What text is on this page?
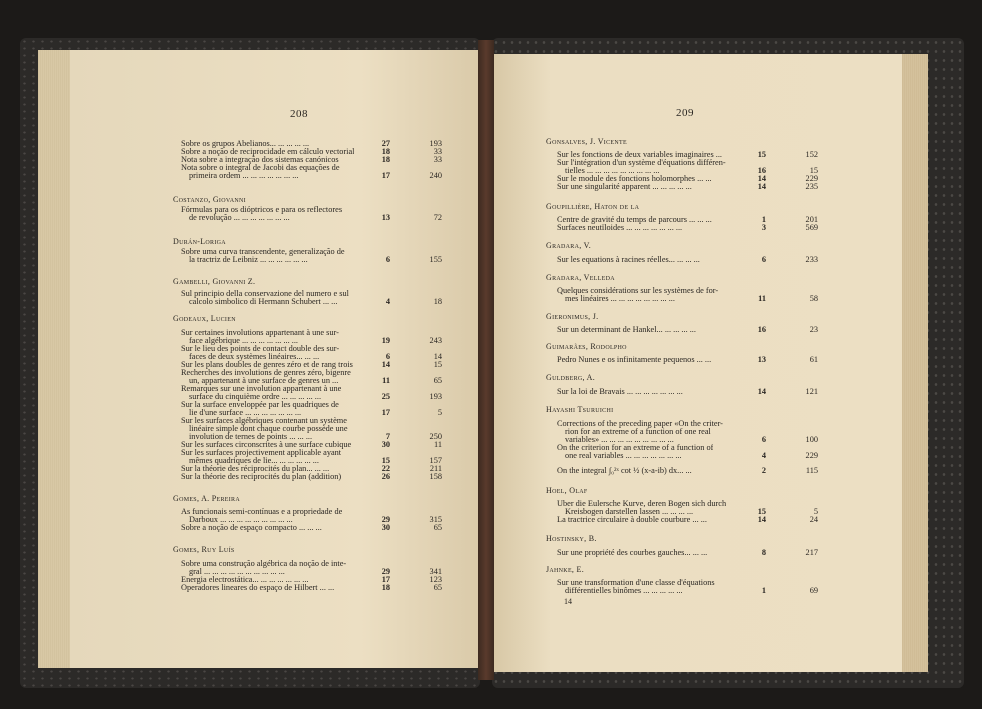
208	209
Sobre os grupos Abelianos... ... ... ... ...	27	193
Sobre a noção de reciprocidade em cálculo vectorial	18	33
Nota sobre a integração dos sistemas canónicos	18	33
Nota sobre o integral de Jacobi das equações de
primeira ordem ... ... ... ... ... ... ...	17	240
Costanzo, Giovanni
Fórmulas para os dióptricos e para os reflectores
de revolução ... ... ... ... ... ... ...	13	72
Durán-Loriga
Sobre uma curva transcendente, generalização de
la tractriz de Leibniz ... ... ... ... ... ...	6	155
Gambelli, Giovanni Z.
Sul principio della conservazione del numero e sul
calcolo simbolico di Hermann Schubert ... ...	4	18
Godeaux, Lucien
Sur certaines involutions appartenant à une sur-
face algébrique ... ... ... ... ... ... ...	19	243
Sur le lieu des points de contact double des sur-
faces de deux systèmes linéaires... ... ...	6	14
Sur les plans doubles de genres zéro et de rang trois	14	15
Recherches des involutions de genres zéro, bigenre
un, appartenant à une surface de genres un ...	11	65
Remarques sur une involution appartenant à une
surface du cinquième ordre ... ... ... ... ...	25	193
Sur la surface enveloppée par les quadriques de
lie d'une surface ... ... ... ... ... ... ...	17	5
Sur les surfaces algébriques contenant un système
linéaire simple dont chaque courbe possède une
involution de ternes de points ... ... ...	7	250
Sur les surfaces circonscrites à une surface cubique	30	11
Sur les surfaces projectivement applicable ayant
mêmes quadriques de lie... ... ... ... ... ...	15	157
Sur la théorie des réciprocités du plan... ... ...	22	211
Sur la théorie des reciprocités du plan (addition)	26	158
Gomes, A. Pereira
As funcionais semi-contínuas e a propriedade de
Darboux ... ... ... ... ... ... ... ... ...	29	315
Sobre a noção de espaço compacto ... ... ...	30	65
Gomes, Ruy Luís
Sobre uma construção algébrica da noção de inte-
gral ... ... ... ... ... ... ... ... ... ...	29	341
Energia electrostática... ... ... ... ... ... ...	17	123
Operadores lineares do espaço de Hilbert ... ...	18	65
Gonsalves, J. Vicente
Sur les fonctions de deux variables imaginaires ...	15	152
Sur l'intégration d'un système d'équations différen-
tielles ... ... ... ... ... ... ... ... ...	16	15
Sur le module des fonctions holomorphes ... ...	14	229
Sur une singularité apparent ... ... ... ... ...	14	235
Goupillière, Haton de la
Centre de gravité du temps de parcours ... ... ...	1	201
Surfaces neutïloides ... ... ... ... ... ... ...	3	569
Gradara, V.
Sur les equations à racines réelles... ... ... ...	6	233
Gradara, Velleda
Quelques considérations sur les systèmes de for-
mes linéaires ... ... ... ... ... ... ... ...	11	58
Gieronimus, J.
Sur un determinant de Hankel... ... ... ... ...	16	23
Guimarães, Rodolpho
Pedro Nunes e os infinitamente pequenos ... ...	13	61
Guldberg, A.
Sur la loi de Bravais ... ... ... ... ... ... ...	14	121
Hayashi Tsuruichi
Corrections of the preceding paper «On the criter-
rion for an extreme of a function of one real
variables» ... ... ... ... ... ... ... ... ...	6	100
On the criterion for an extreme of a function of
one real variables ... ... ... ... ... ... ...	4	229
On the integral ∫₀²ˣ cot ½ (x-a-ib) dx... ...	2	115
Hoel, Olaf
Uber die Eulersche Kurve, deren Bogen sich durch
Kreisbogen darstellen lassen ... ... ... ...	15	5
La tractrice circulaire à double courbure ... ...	14	24
Hostinsky, B.
Sur une propriété des courbes gauches... ... ...	8	217
Jahnke, E.
Sur une transformation d'une classe d'équations
différentielles binômes ... ... ... ... ...	1	69
14
